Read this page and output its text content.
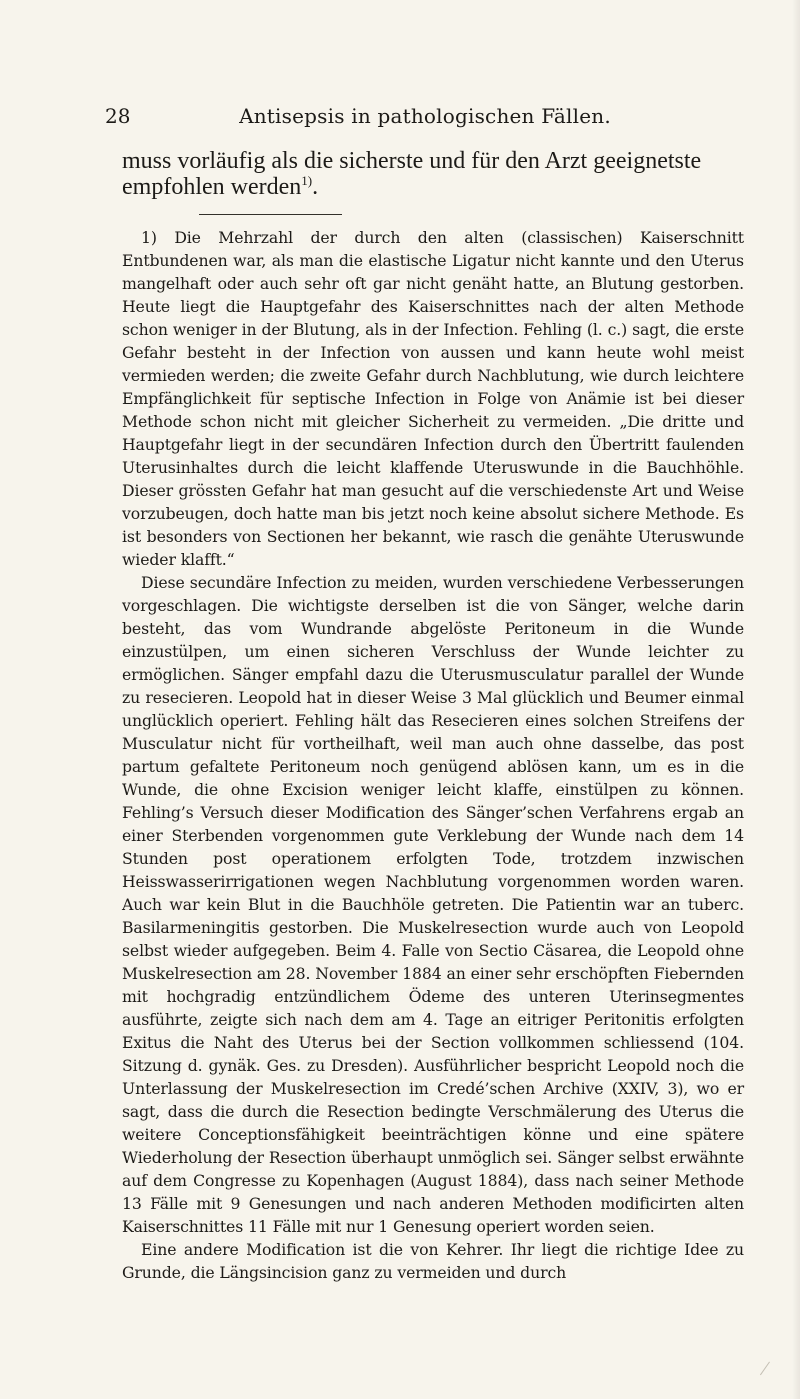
28	Antisepsis in pathologischen Fällen.
muss vorläufig als die sicherste und für den Arzt geeignetste empfohlen werden$^{1)}$.

1) Die Mehrzahl der durch den alten (classischen) Kaiserschnitt Entbundenen war, als man die elastische Ligatur nicht kannte und den Uterus mangelhaft oder auch sehr oft gar nicht genäht hatte, an Blutung gestorben. Heute liegt die Hauptgefahr des Kaiserschnittes nach der alten Methode schon weniger in der Blutung, als in der Infection. Fehling (l. c.) sagt, die erste Gefahr besteht in der Infection von aussen und kann heute wohl meist vermieden werden; die zweite Gefahr durch Nachblutung, wie durch leichtere Empfänglichkeit für septische Infection in Folge von Anämie ist bei dieser Methode schon nicht mit gleicher Sicherheit zu vermeiden. „Die dritte und Hauptgefahr liegt in der secundären Infection durch den Übertritt faulenden Uterusinhaltes durch die leicht klaffende Uteruswunde in die Bauchhöhle. Dieser grössten Gefahr hat man gesucht auf die verschiedenste Art und Weise vorzubeugen, doch hatte man bis jetzt noch keine absolut sichere Methode. Es ist besonders von Sectionen her bekannt, wie rasch die genähte Uteruswunde wieder klafft.“

Diese secundäre Infection zu meiden, wurden verschiedene Verbesserungen vorgeschlagen. Die wichtigste derselben ist die von Sänger, welche darin besteht, das vom Wundrande abgelöste Peritoneum in die Wunde einzustülpen, um einen sicheren Verschluss der Wunde leichter zu ermöglichen. Sänger empfahl dazu die Uterusmusculatur parallel der Wunde zu resecieren. Leopold hat in dieser Weise 3 Mal glücklich und Beumer einmal unglücklich operiert. Fehling hält das Resecieren eines solchen Streifens der Musculatur nicht für vortheilhaft, weil man auch ohne dasselbe, das post partum gefaltete Peritoneum noch genügend ablösen kann, um es in die Wunde, die ohne Excision weniger leicht klaffe, einstülpen zu können. Fehling’s Versuch dieser Modification des Sänger’schen Verfahrens ergab an einer Sterbenden vorgenommen gute Verklebung der Wunde nach dem 14 Stunden post operationem erfolgten Tode, trotzdem inzwischen Heisswasserirrigationen wegen Nachblutung vorgenommen worden waren. Auch war kein Blut in die Bauchhöle getreten. Die Patientin war an tuberc. Basilarmeningitis gestorben. Die Muskelresection wurde auch von Leopold selbst wieder aufgegeben. Beim 4. Falle von Sectio Cäsarea, die Leopold ohne Muskelresection am 28. November 1884 an einer sehr erschöpften Fiebernden mit hochgradig entzündlichem Ödeme des unteren Uterinsegmentes ausführte, zeigte sich nach dem am 4. Tage an eitriger Peritonitis erfolgten Exitus die Naht des Uterus bei der Section vollkommen schliessend (104. Sitzung d. gynäk. Ges. zu Dresden). Ausführlicher bespricht Leopold noch die Unterlassung der Muskelresection im Credé’schen Archive (XXIV, 3), wo er sagt, dass die durch die Resection bedingte Verschmälerung des Uterus die weitere Conceptionsfähigkeit beeinträchtigen könne und eine spätere Wiederholung der Resection überhaupt unmöglich sei. Sänger selbst erwähnte auf dem Congresse zu Kopenhagen (August 1884), dass nach seiner Methode 13 Fälle mit 9 Genesungen und nach anderen Methoden modificirten alten Kaiserschnittes 11 Fälle mit nur 1 Genesung operiert worden seien.

Eine andere Modification ist die von Kehrer. Ihr liegt die richtige Idee zu Grunde, die Längsincision ganz zu vermeiden und durch
